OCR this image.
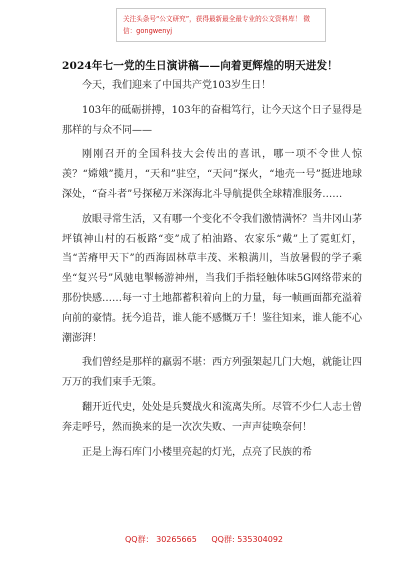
关注头条号“公文研究”，获得最新最全最专业的公文资料库！ 微信：gongwenyj
2024年七一党的生日演讲稿——向着更辉煌的明天进发！

今天，我们迎来了中国共产党103岁生日！

103年的砥砺拼搏，103年的奋楫笃行，让今天这个日子显得是那样的与众不同——

刚刚召开的全国科技大会传出的喜讯，哪一项不令世人惊羡？“嫦娥”揽月，“天和”驻空，“天问”探火，“地壳一号”挺进地球深处，“奋斗者”号探秘万米深海北斗导航提供全球精准服务……

放眼寻常生活，又有哪一个变化不令我们激情满怀？当井冈山茅坪镇神山村的石板路“变”成了柏油路、农家乐“戴”上了霓虹灯，当“苦瘠甲天下”的西海固林草丰茂、米粮满川，当放暑假的学子乘坐“复兴号”风驰电掣畅游神州，当我们手指轻触体味5G网络带来的那份快感……每一寸土地都蓄积着向上的力量，每一帧画面都充溢着向前的豪情。抚今追昔，谁人能不感慨万千！鉴往知来，谁人能不心潮澎湃！

我们曾经是那样的羸弱不堪：西方列强架起几门大炮，就能让四万万的我们束手无策。

翻开近代史，处处是兵燹战火和流离失所。尽管不少仁人志士曾奔走呼号，然而换来的是一次次失败、一声声徒唤奈何！

正是上海石库门小楼里亮起的灯光，点亮了民族的希

QQ群： 30265665 QQ群: 535304092
